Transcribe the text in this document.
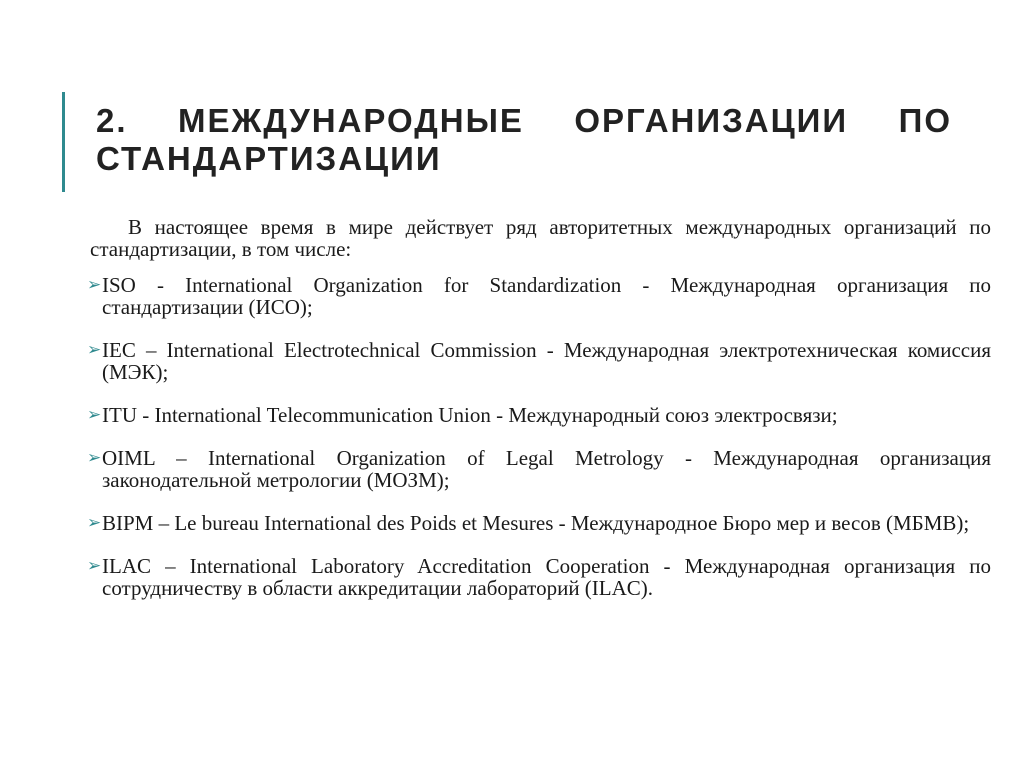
2. МЕЖДУНАРОДНЫЕ ОРГАНИЗАЦИИ ПО СТАНДАРТИЗАЦИИ

В настоящее время в мире действует ряд авторитетных международных организаций по стандартизации, в том числе:

➢ ISO - International Organization for Standardization - Международная организация по стандартизации (ИСО);
➢ IEC – International Electrotechnical Commission - Международная электротехническая комиссия (МЭК);
➢ ITU - International Telecommunication Union - Международный союз электросвязи;
➢ OIML – International Organization of Legal Metrology - Международная организация законодательной метрологии (МОЗМ);
➢ BIPM – Le bureau International des Poids et Mesures - Международное Бюро мер и весов (МБМВ);
➢ ILAC – International Laboratory Accreditation Cooperation - Международная организация по сотрудничеству в области аккредитации лабораторий (ILAC).
